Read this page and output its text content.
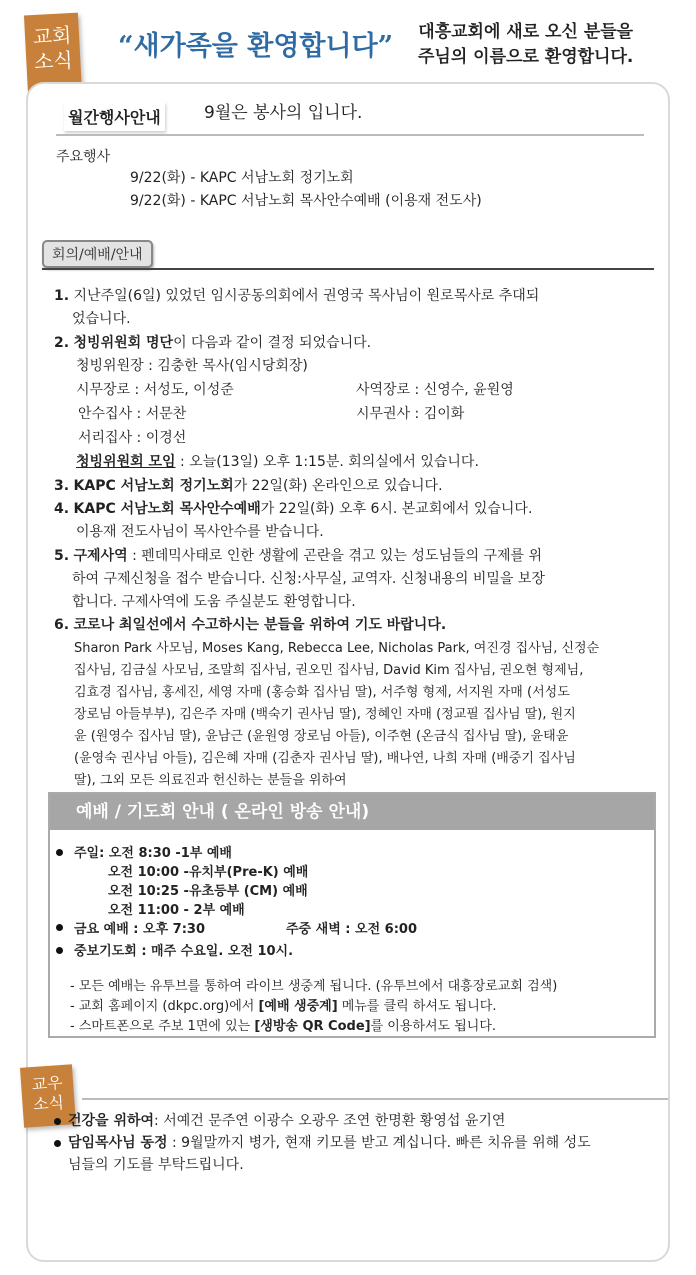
교회
소식 “새가족을 환영합니다” 대흥교회에 새로 오신 분들을
주님의 이름으로 환영합니다.
월간행사안내	9월은 봉사의 입니다.
주요행사
9/22(화) - KAPC 서남노회 정기노회
9/22(화) - KAPC 서남노회 목사안수예배 (이용재 전도사)
회의/예배/안내
1. 지난주일(6일) 있었던 임시공동의회에서 권영국 목사님이 원로목사로 추대되
었습니다.
2. 청빙위원회 명단이 다음과 같이 결정 되었습니다.
청빙위원장 : 김충한 목사(임시당회장)
시무장로 : 서성도, 이성준	사역장로 : 신영수, 윤원영
안수집사 : 서문찬	시무권사 : 김이화
서리집사 : 이경선
청빙위원회 모임 : 오늘(13일) 오후 1:15분. 회의실에서 있습니다.
3. KAPC 서남노회 정기노회가 22일(화) 온라인으로 있습니다.
4. KAPC 서남노회 목사안수예배가 22일(화) 오후 6시. 본교회에서 있습니다.
이용재 전도사님이 목사안수를 받습니다.
5. 구제사역 : 펜데믹사태로 인한 생활에 곤란을 겪고 있는 성도님들의 구제를 위
하여 구제신청을 접수 받습니다. 신청:사무실, 교역자. 신청내용의 비밀을 보장
합니다. 구제사역에 도움 주실분도 환영합니다.
6. 코로나 최일선에서 수고하시는 분들을 위하여 기도 바랍니다.
Sharon Park 사모님, Moses Kang, Rebecca Lee, Nicholas Park, 여진경 집사님, 신정순
집사님, 김금실 사모님, 조말희 집사님, 권오민 집사님, David Kim 집사님, 권오현 형제님,
김효경 집사님, 홍세진, 세영 자매 (홍승화 집사님 딸), 서주형 형제, 서지원 자매 (서성도
장로님 아들부부), 김은주 자매 (백숙기 권사님 딸), 정혜인 자매 (정교필 집사님 딸), 원지
윤 (원영수 집사님 딸), 윤남근 (윤원영 장로님 아들), 이주현 (온금식 집사님 딸), 윤태윤
(윤영숙 권사님 아들), 김은혜 자매 (김춘자 권사님 딸), 배나연, 나희 자매 (배중기 집사님
딸), 그외 모든 의료진과 헌신하는 분들을 위하여
예배 / 기도회 안내 ( 온라인 방송 안내)
주일: 오전 8:30 -1부 예배
오전 10:00 -유치부(Pre-K) 예배
오전 10:25 -유초등부 (CM) 예배
오전 11:00 - 2부 예배
금요 예배 : 오후 7:30	주중 새벽 : 오전 6:00
중보기도회 : 매주 수요일. 오전 10시.
- 모든 예배는 유투브를 통하여 라이브 생중계 됩니다. (유투브에서 대흥장로교회 검색)
- 교회 홈페이지 (dkpc.org)에서 [예배 생중계] 메뉴를 클릭 하셔도 됩니다.
- 스마트폰으로 주보 1면에 있는 [생방송 QR Code]를 이용하셔도 됩니다.
교우
소식
건강을 위하여: 서예건 문주연 이광수 오광우 조연 한명환 황영섭 윤기연
담임목사님 동정 : 9월말까지 병가, 현재 키모를 받고 계십니다. 빠른 치유를 위해 성도
님들의 기도를 부탁드립니다.
